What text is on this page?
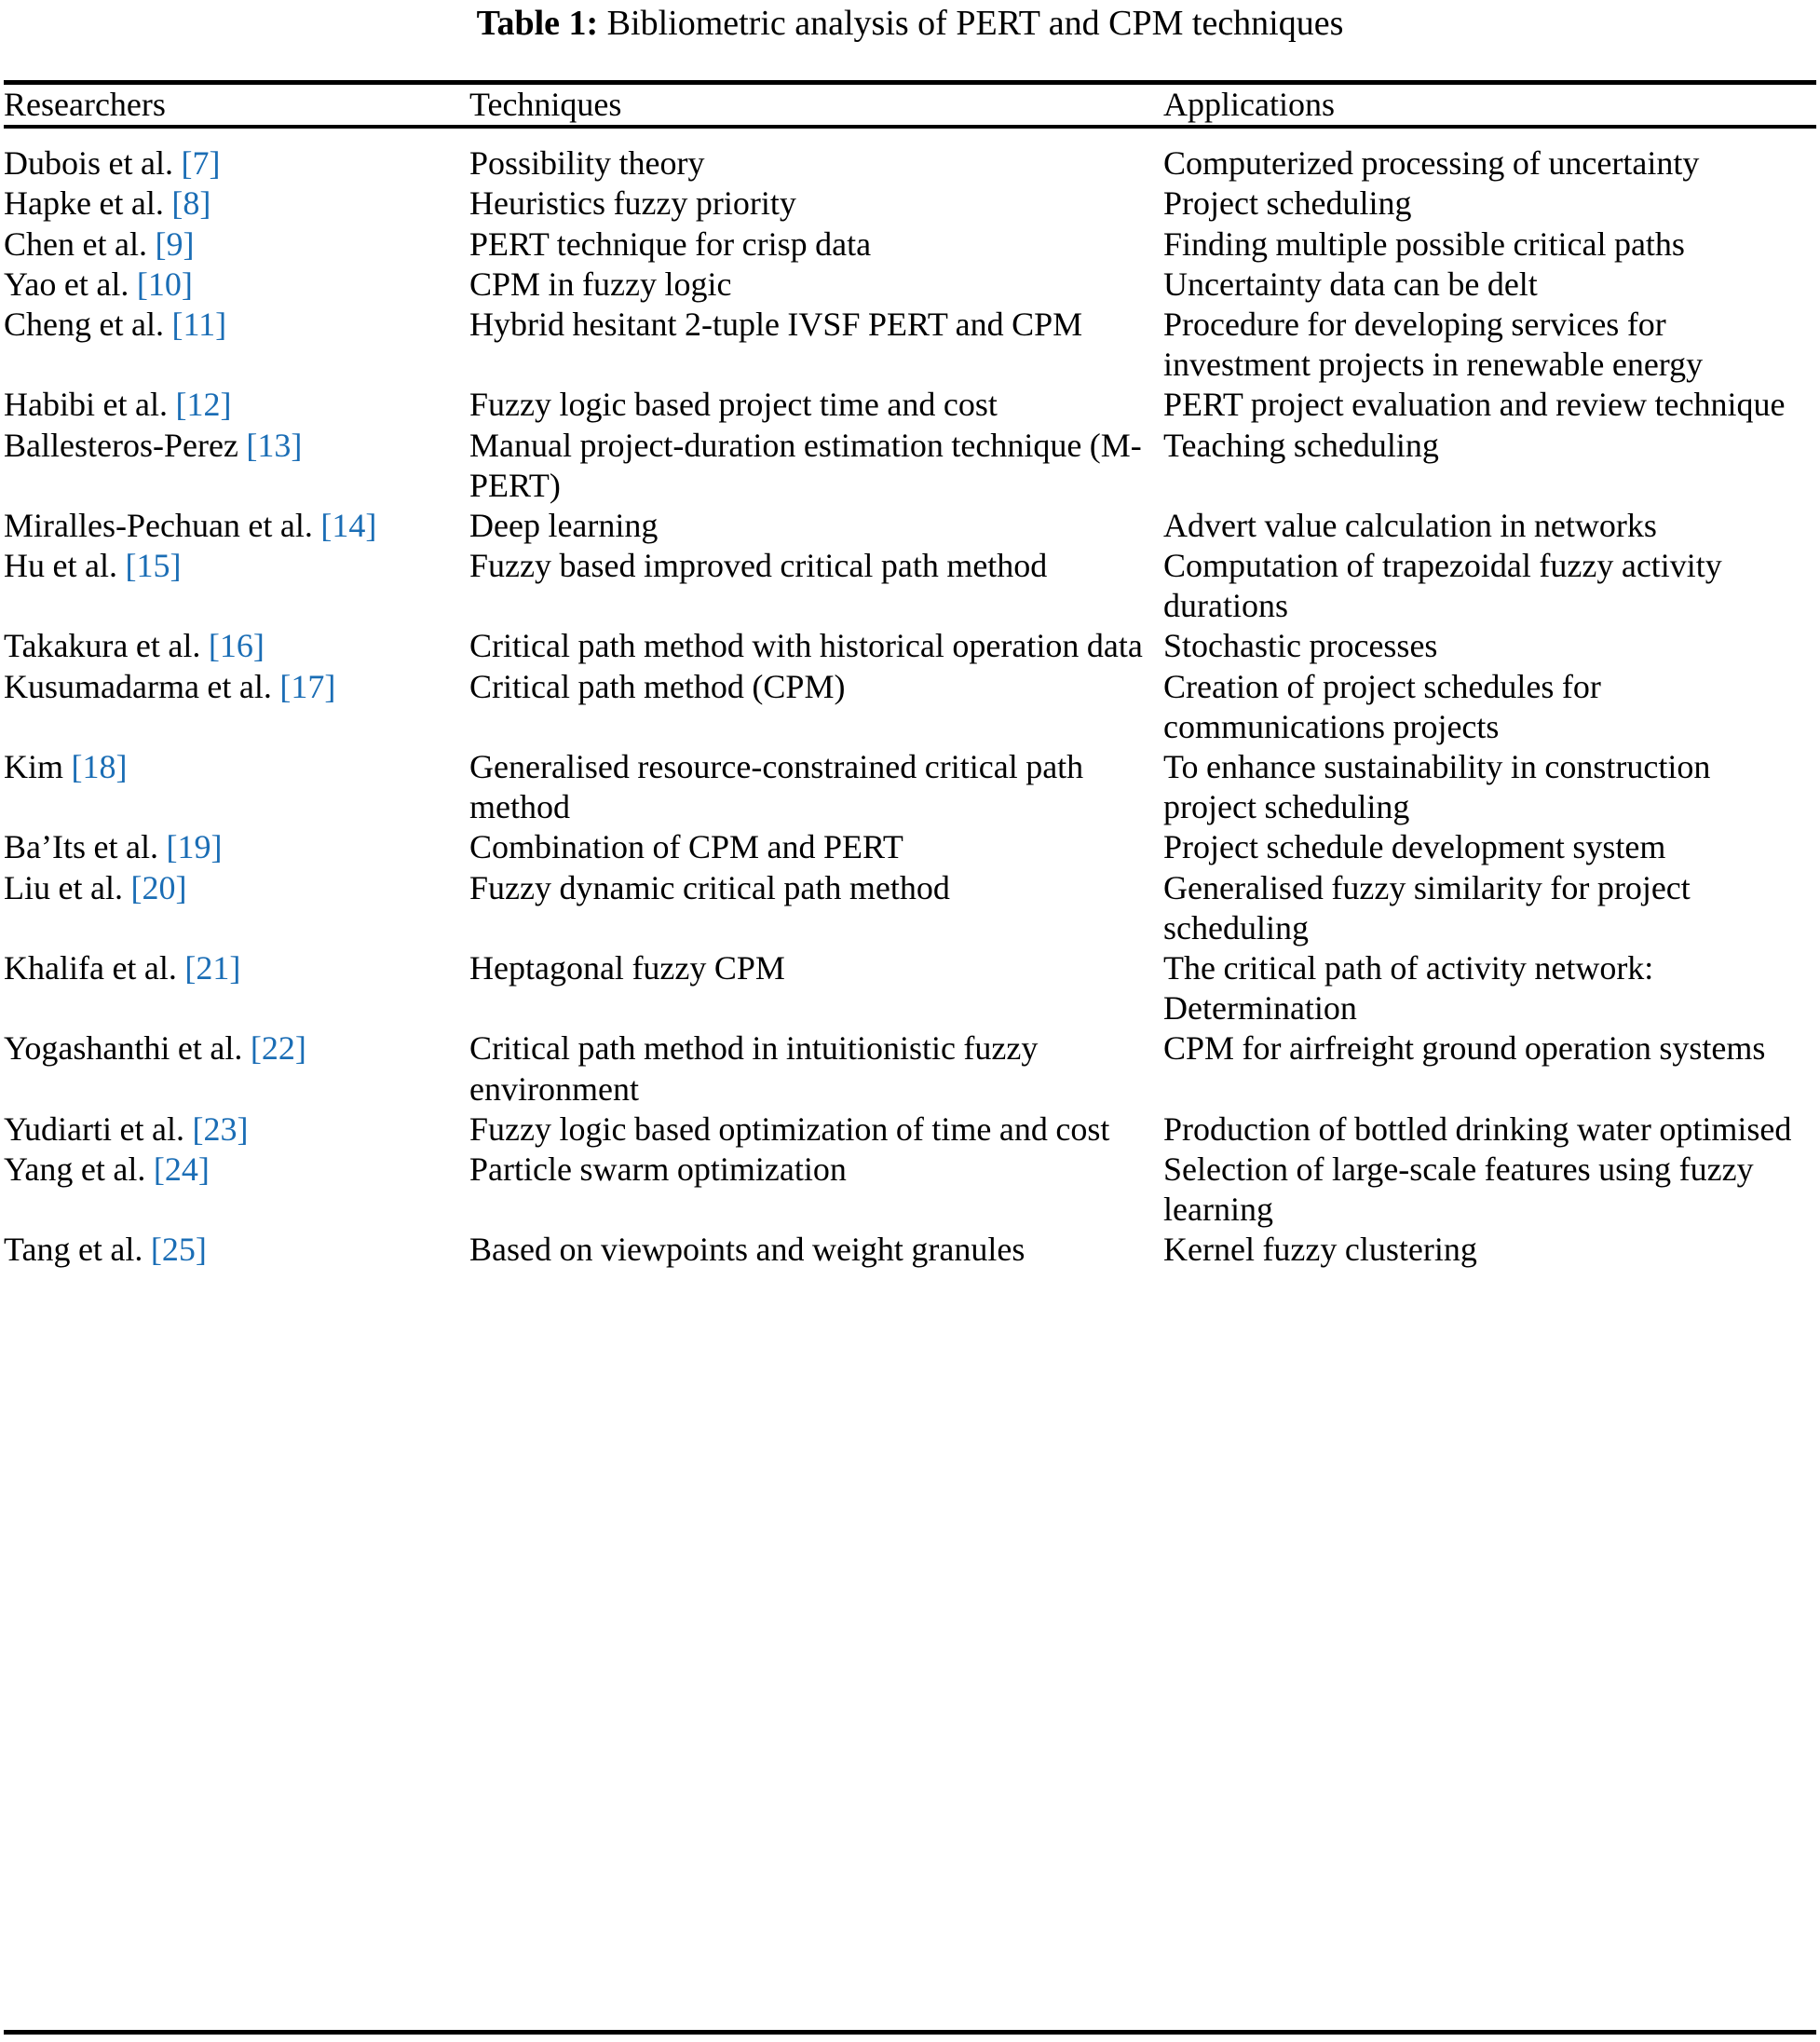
Table 1: Bibliometric analysis of PERT and CPM techniques
Researchers	Techniques	Applications
Dubois et al. [7]	Possibility theory	Computerized processing of uncertainty
Hapke et al. [8]	Heuristics fuzzy priority	Project scheduling
Chen et al. [9]	PERT technique for crisp data	Finding multiple possible critical paths
Yao et al. [10]	CPM in fuzzy logic	Uncertainty data can be delt
Cheng et al. [11]	Hybrid hesitant 2-tuple IVSF PERT and CPM	Procedure for developing services for investment projects in renewable energy
Habibi et al. [12]	Fuzzy logic based project time and cost	PERT project evaluation and review technique
Ballesteros-Perez [13]	Manual project-duration estimation technique (M-PERT)	Teaching scheduling
Miralles-Pechuan et al. [14]	Deep learning	Advert value calculation in networks
Hu et al. [15]	Fuzzy based improved critical path method	Computation of trapezoidal fuzzy activity durations
Takakura et al. [16]	Critical path method with historical operation data	Stochastic processes
Kusumadarma et al. [17]	Critical path method (CPM)	Creation of project schedules for communications projects
Kim [18]	Generalised resource-constrained critical path method	To enhance sustainability in construction project scheduling
Ba’Its et al. [19]	Combination of CPM and PERT	Project schedule development system
Liu et al. [20]	Fuzzy dynamic critical path method	Generalised fuzzy similarity for project scheduling
Khalifa et al. [21]	Heptagonal fuzzy CPM	The critical path of activity network: Determination
Yogashanthi et al. [22]	Critical path method in intuitionistic fuzzy environment	CPM for airfreight ground operation systems
Yudiarti et al. [23]	Fuzzy logic based optimization of time and cost	Production of bottled drinking water optimised
Yang et al. [24]	Particle swarm optimization	Selection of large-scale features using fuzzy learning
Tang et al. [25]	Based on viewpoints and weight granules	Kernel fuzzy clustering
